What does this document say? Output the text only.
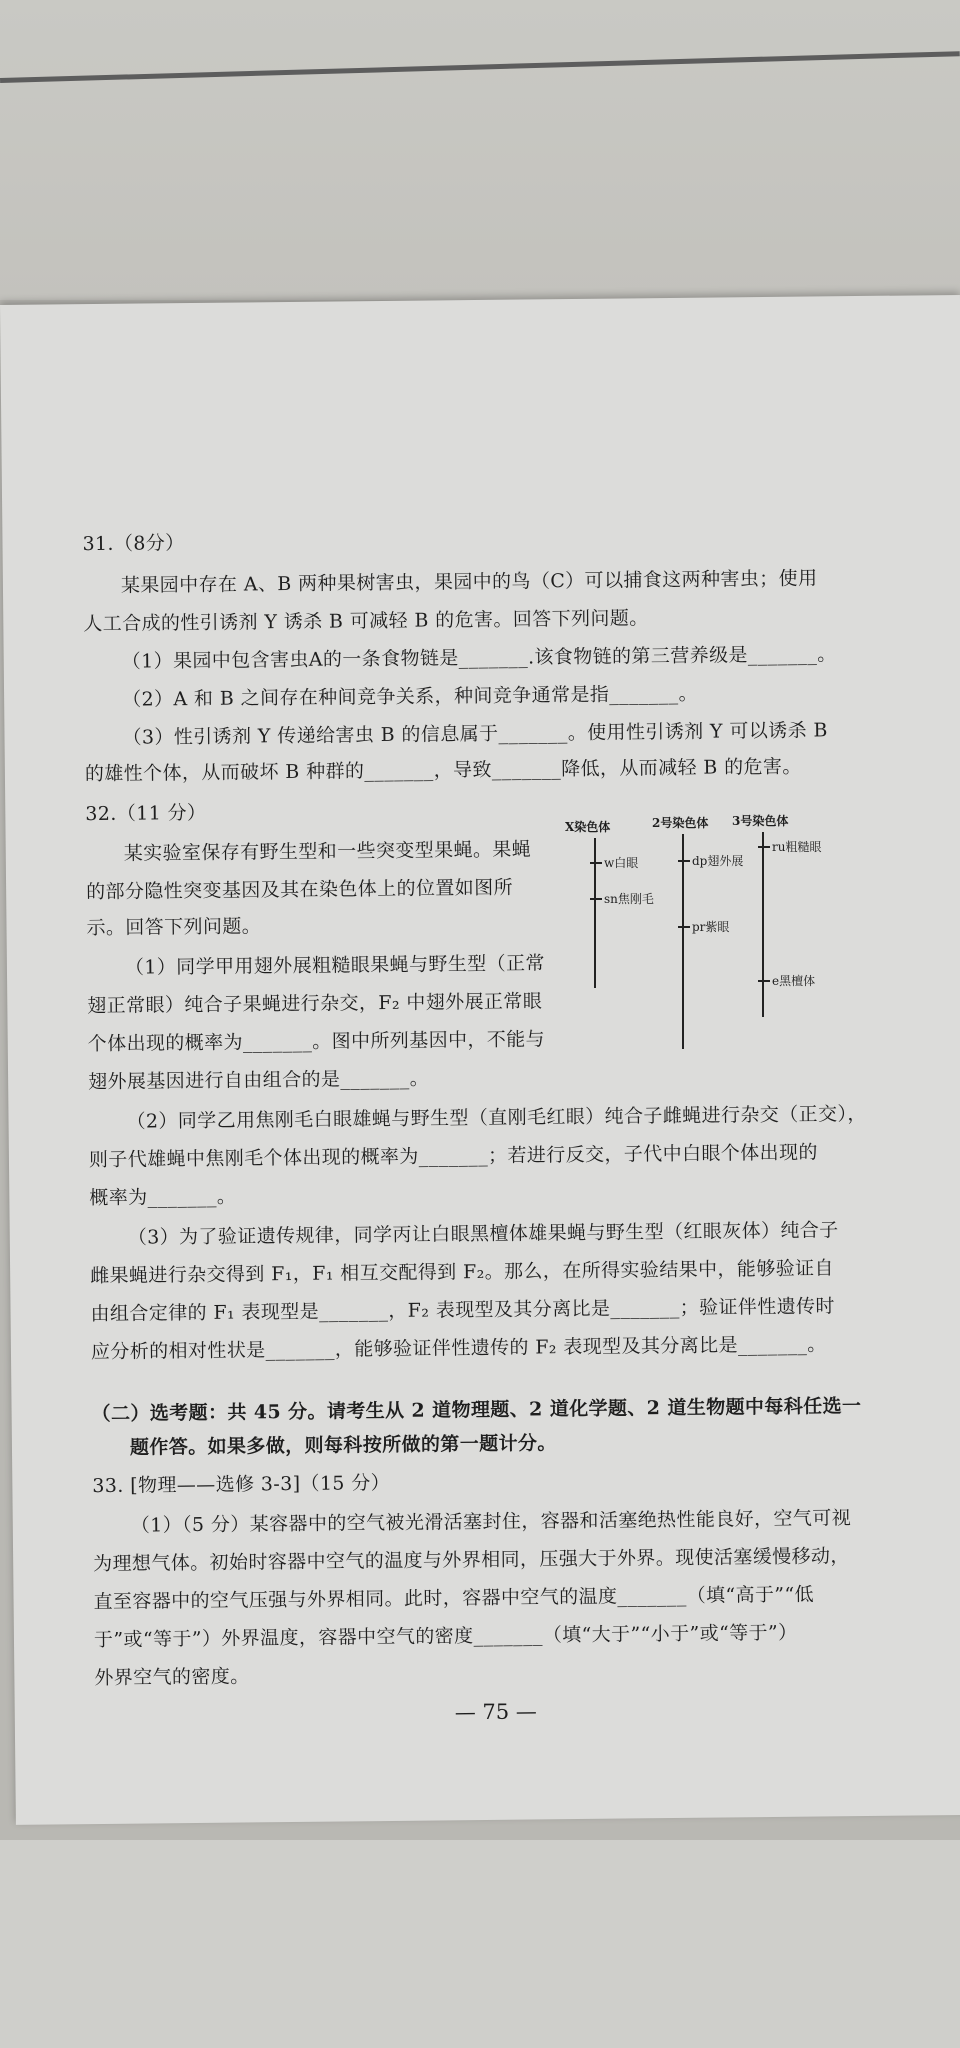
31.（8分）
某果园中存在 A、B 两种果树害虫，果园中的鸟（C）可以捕食这两种害虫；使用
人工合成的性引诱剂 Y 诱杀 B 可减轻 B 的危害。回答下列问题。
（1）果园中包含害虫A的一条食物链是_______.该食物链的第三营养级是_______。
（2）A 和 B 之间存在种间竞争关系，种间竞争通常是指_______。
（3）性引诱剂 Y 传递给害虫 B 的信息属于_______。使用性引诱剂 Y 可以诱杀 B
的雄性个体，从而破坏 B 种群的_______，导致_______降低，从而减轻 B 的危害。
32.（11 分）
某实验室保存有野生型和一些突变型果蝇。果蝇
的部分隐性突变基因及其在染色体上的位置如图所
示。回答下列问题。
（1）同学甲用翅外展粗糙眼果蝇与野生型（正常
翅正常眼）纯合子果蝇进行杂交，F₂ 中翅外展正常眼
个体出现的概率为_______。图中所列基因中，不能与
翅外展基因进行自由组合的是_______。
（2）同学乙用焦刚毛白眼雄蝇与野生型（直刚毛红眼）纯合子雌蝇进行杂交（正交），
则子代雄蝇中焦刚毛个体出现的概率为_______；若进行反交，子代中白眼个体出现的
概率为_______。
（3）为了验证遗传规律，同学丙让白眼黑檀体雄果蝇与野生型（红眼灰体）纯合子
雌果蝇进行杂交得到 F₁，F₁ 相互交配得到 F₂。那么，在所得实验结果中，能够验证自
由组合定律的 F₁ 表现型是_______，F₂ 表现型及其分离比是_______；验证伴性遗传时
应分析的相对性状是_______，能够验证伴性遗传的 F₂ 表现型及其分离比是_______。
（二）选考题：共 45 分。请考生从 2 道物理题、2 道化学题、2 道生物题中每科任选一
题作答。如果多做，则每科按所做的第一题计分。
33. [物理——选修 3-3]（15 分）
（1）（5 分）某容器中的空气被光滑活塞封住，容器和活塞绝热性能良好，空气可视
为理想气体。初始时容器中空气的温度与外界相同，压强大于外界。现使活塞缓慢移动，
直至容器中的空气压强与外界相同。此时，容器中空气的温度_______（填“高于”“低
于”或“等于”）外界温度，容器中空气的密度_______（填“大于”“小于”或“等于”）
外界空气的密度。
— 75 —
X染色体	2号染色体 3号染色体
w白眼
sn焦刚毛
dp翅外展
pr紫眼
ru粗糙眼
e黑檀体
